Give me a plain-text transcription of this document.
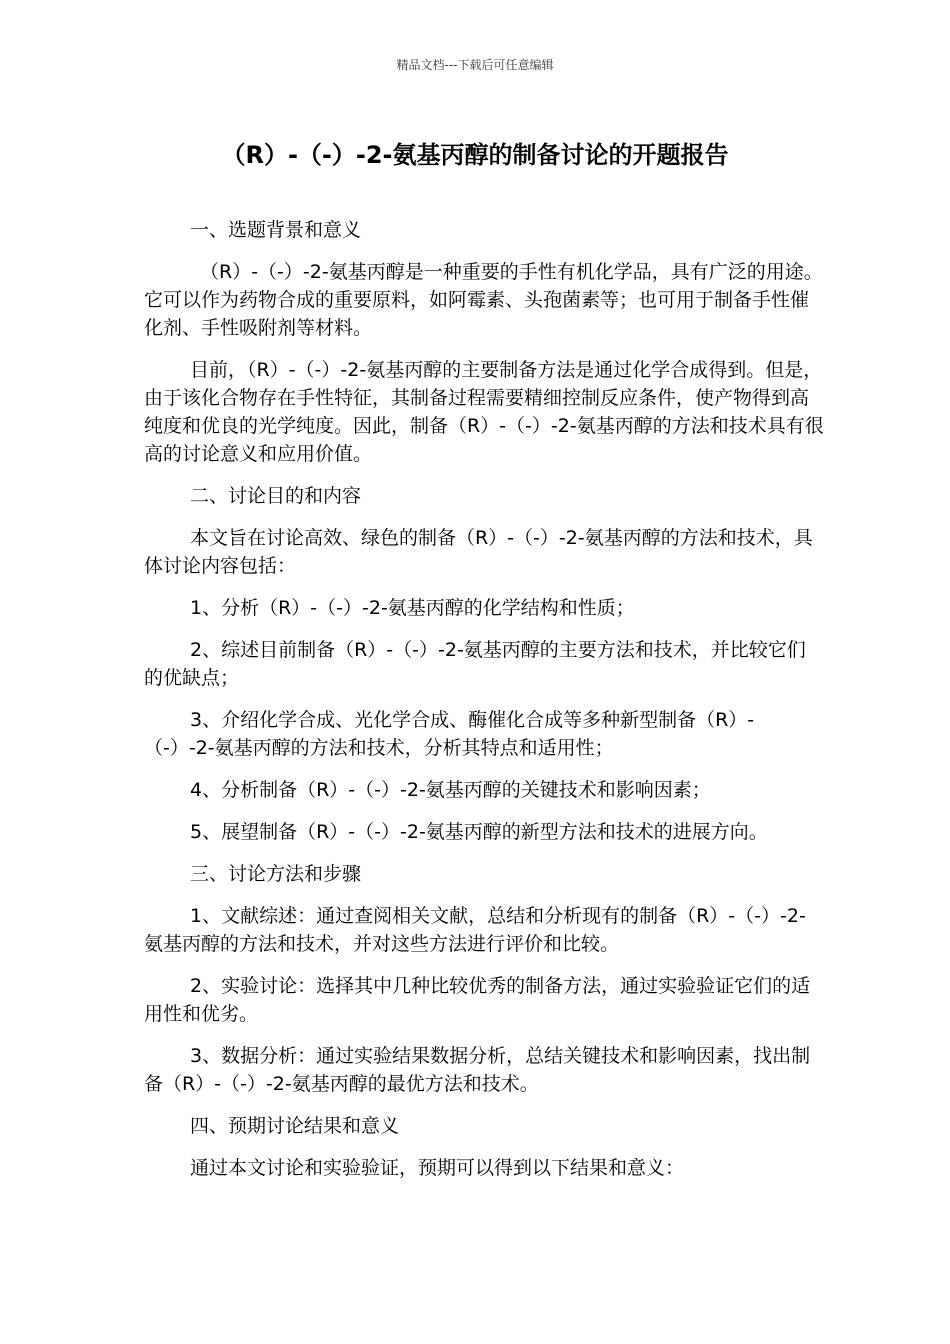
精品文档---下载后可任意编辑
（R）-（-）-2-氨基丙醇的制备讨论的开题报告

一、选题背景和意义

（R）-（-）-2-氨基丙醇是一种重要的手性有机化学品，具有广泛的用途。它可以作为药物合成的重要原料，如阿霉素、头孢菌素等；也可用于制备手性催化剂、手性吸附剂等材料。

目前，（R）-（-）-2-氨基丙醇的主要制备方法是通过化学合成得到。但是，由于该化合物存在手性特征，其制备过程需要精细控制反应条件，使产物得到高纯度和优良的光学纯度。因此，制备（R）-（-）-2-氨基丙醇的方法和技术具有很高的讨论意义和应用价值。

二、讨论目的和内容

本文旨在讨论高效、绿色的制备（R）-（-）-2-氨基丙醇的方法和技术，具体讨论内容包括：

1、分析（R）-（-）-2-氨基丙醇的化学结构和性质；

2、综述目前制备（R）-（-）-2-氨基丙醇的主要方法和技术，并比较它们的优缺点；

3、介绍化学合成、光化学合成、酶催化合成等多种新型制备（R）-（-）-2-氨基丙醇的方法和技术，分析其特点和适用性；

4、分析制备（R）-（-）-2-氨基丙醇的关键技术和影响因素；

5、展望制备（R）-（-）-2-氨基丙醇的新型方法和技术的进展方向。

三、讨论方法和步骤

1、文献综述：通过查阅相关文献，总结和分析现有的制备（R）-（-）-2-氨基丙醇的方法和技术，并对这些方法进行评价和比较。

2、实验讨论：选择其中几种比较优秀的制备方法，通过实验验证它们的适用性和优劣。

3、数据分析：通过实验结果数据分析，总结关键技术和影响因素，找出制备（R）-（-）-2-氨基丙醇的最优方法和技术。

四、预期讨论结果和意义

通过本文讨论和实验验证，预期可以得到以下结果和意义：
